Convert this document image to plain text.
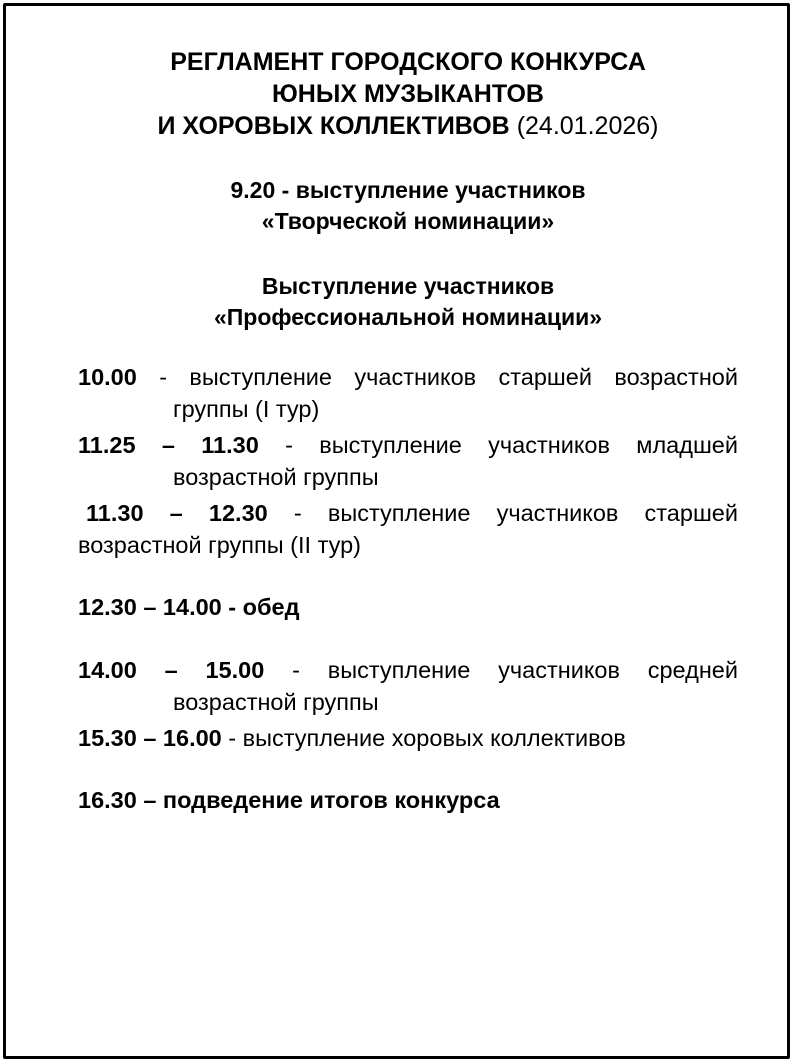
РЕГЛАМЕНТ ГОРОДСКОГО КОНКУРСА

ЮНЫХ МУЗЫКАНТОВ

И ХОРОВЫХ КОЛЛЕКТИВОВ (24.01.2026)

9.20 - выступление участников

«Творческой номинации»

Выступление участников

«Профессиональной номинации»

10.00 - выступление участников старшей возрастной группы (I тур)

11.25 – 11.30 - выступление участников младшей возрастной группы

11.30 – 12.30 - выступление участников старшей возрастной группы (II тур)

12.30 – 14.00 - обед

14.00 – 15.00 - выступление участников средней возрастной группы

15.30 – 16.00 - выступление хоровых коллективов

16.30 – подведение итогов конкурса
